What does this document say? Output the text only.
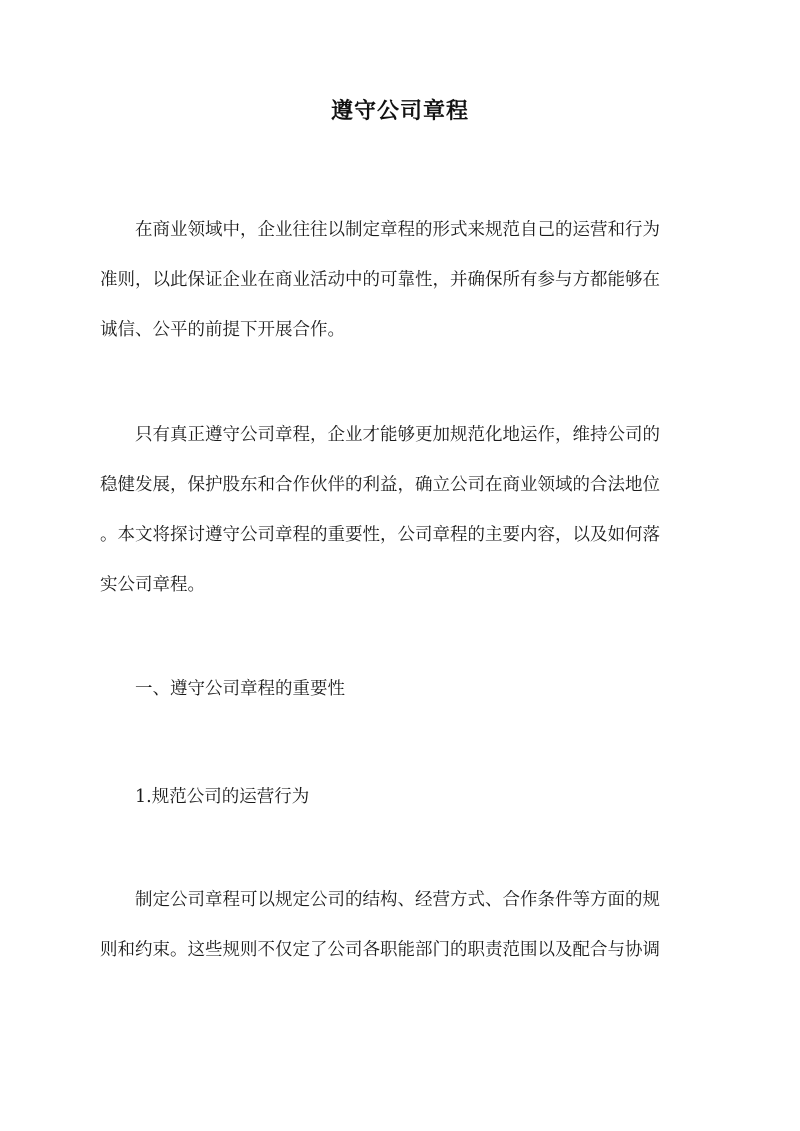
遵守公司章程
在商业领域中，企业往往以制定章程的形式来规范自己的运营和行为
准则，以此保证企业在商业活动中的可靠性，并确保所有参与方都能够在
诚信、公平的前提下开展合作。
只有真正遵守公司章程，企业才能够更加规范化地运作，维持公司的
稳健发展，保护股东和合作伙伴的利益，确立公司在商业领域的合法地位
。本文将探讨遵守公司章程的重要性，公司章程的主要内容，以及如何落
实公司章程。
一、遵守公司章程的重要性
1.规范公司的运营行为
制定公司章程可以规定公司的结构、经营方式、合作条件等方面的规
则和约束。这些规则不仅定了公司各职能部门的职责范围以及配合与协调
